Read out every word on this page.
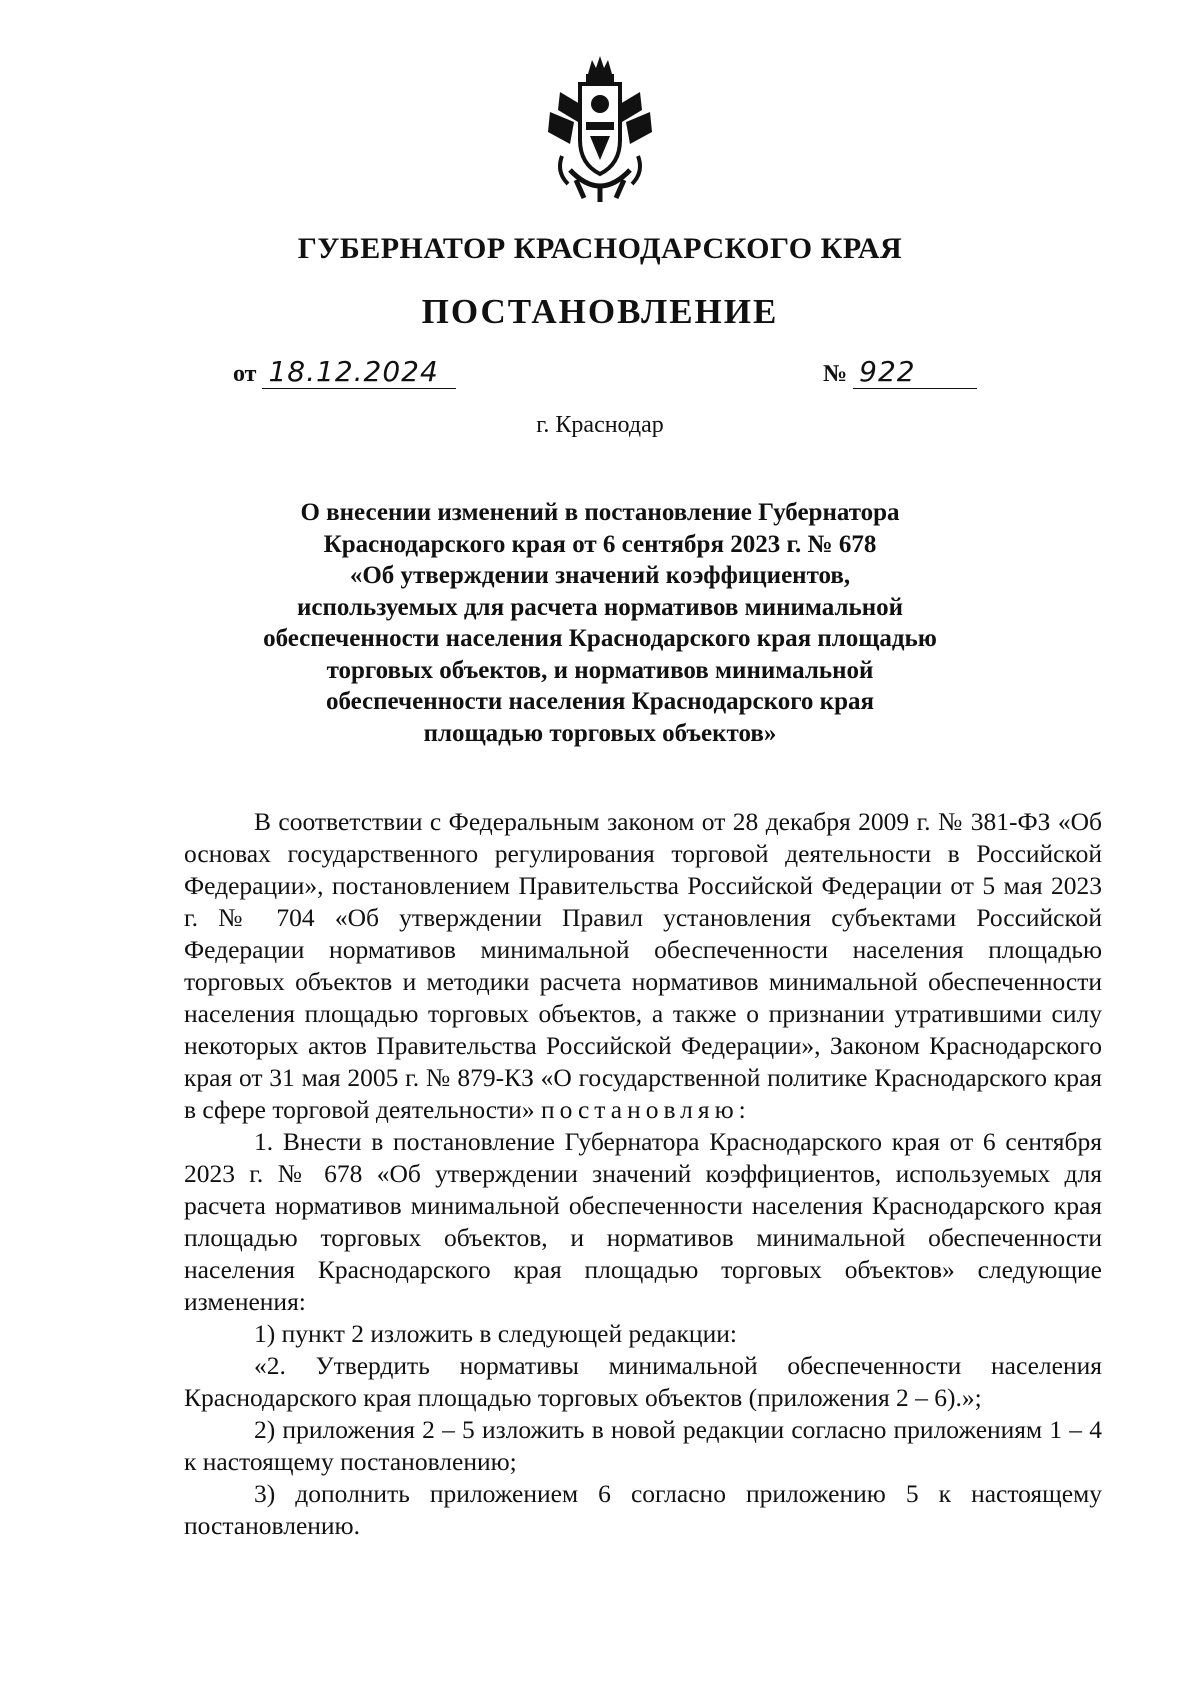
ГУБЕРНАТОР КРАСНОДАРСКОГО КРАЯ
ПОСТАНОВЛЕНИЕ
от 18.12.2024	№ 922
г. Краснодар
О внесении изменений в постановление Губернатора
Краснодарского края от 6 сентября 2023 г. № 678
«Об утверждении значений коэффициентов,
используемых для расчета нормативов минимальной
обеспеченности населения Краснодарского края площадью
торговых объектов, и нормативов минимальной
обеспеченности населения Краснодарского края
площадью торговых объектов»

В соответствии с Федеральным законом от 28 декабря 2009 г. № 381-ФЗ «Об основах государственного регулирования торговой деятельности в Российской Федерации», постановлением Правительства Российской Федерации от 5 мая 2023 г. № 704 «Об утверждении Правил установления субъектами Российской Федерации нормативов минимальной обеспеченности населения площадью торговых объектов и методики расчета нормативов минимальной обеспеченности населения площадью торговых объектов, а также о признании утратившими силу некоторых актов Правительства Российской Федерации», Законом Краснодарского края от 31 мая 2005 г. № 879-КЗ «О государственной политике Краснодарского края в сфере торговой деятельности» постановляю:

1. Внести в постановление Губернатора Краснодарского края от 6 сентября 2023 г. № 678 «Об утверждении значений коэффициентов, используемых для расчета нормативов минимальной обеспеченности населения Краснодарского края площадью торговых объектов, и нормативов минимальной обеспеченности населения Краснодарского края площадью торговых объектов» следующие изменения:

1) пункт 2 изложить в следующей редакции:

«2. Утвердить нормативы минимальной обеспеченности населения Краснодарского края площадью торговых объектов (приложения 2 – 6).»;

2) приложения 2 – 5 изложить в новой редакции согласно приложениям 1 – 4 к настоящему постановлению;

3) дополнить приложением 6 согласно приложению 5 к настоящему постановлению.
